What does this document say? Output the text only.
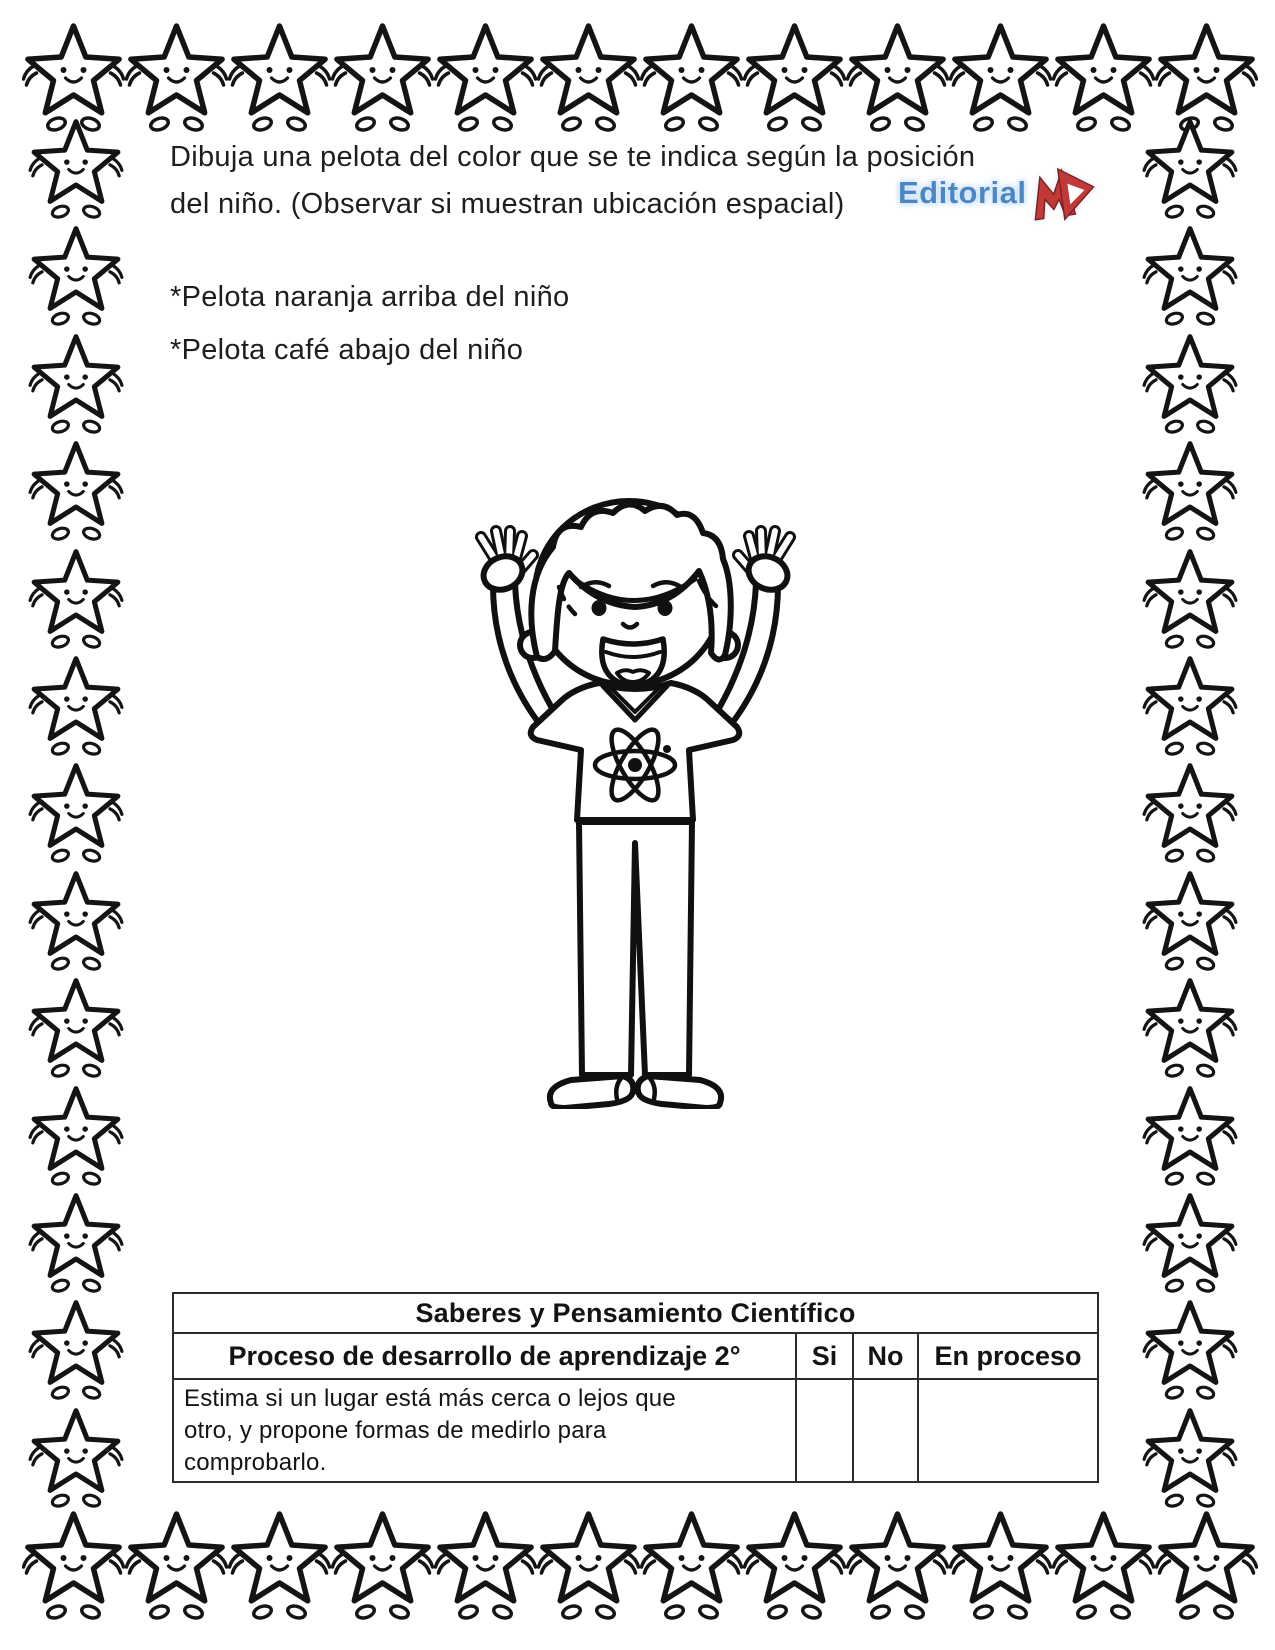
Dibuja una pelota del color que se te indica según la posición
del niño. (Observar si muestran ubicación espacial)	Editorial
*Pelota naranja arriba del niño
*Pelota café abajo del niño
Saberes y Pensamiento Científico			
Proceso de desarrollo de aprendizaje 2°	Si	No	En proceso
Estima si un lugar está más cerca o lejos que otro, y propone formas de medirlo para comprobarlo.			
